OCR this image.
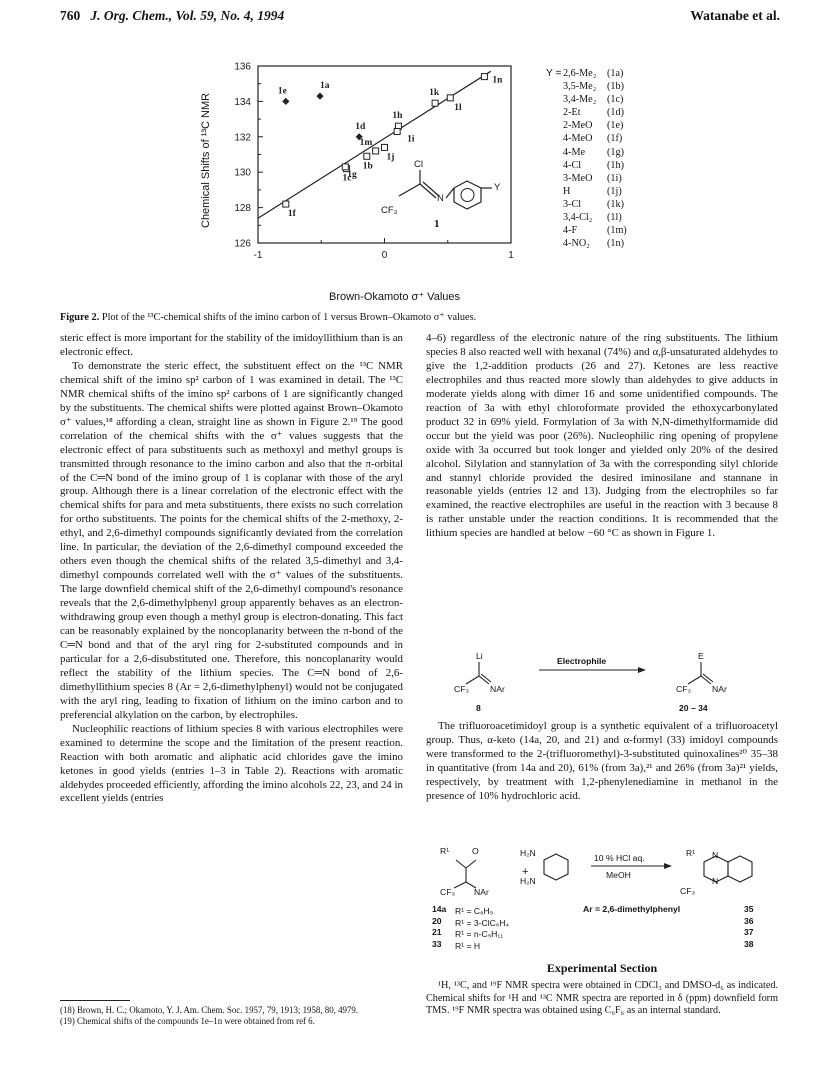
760 J. Org. Chem., Vol. 59, No. 4, 1994	Watanabe et al.
Chemical Shifts of ¹³C NMR
136
134
132
130
128
126
-1	0	1
1b
1c
1f
1g
1h
1i
1j
1k
1l
1m
1n
1a
1d
1e
Cl
CF₃
N
Y
1
Y = 2,6-Me₂ (1a)
3,5-Me₂ (1b)
3,4-Me₂ (1c)
2-Et	(1d)
2-MeO (1e)
4-MeO (1f)
4-Me (1g)
4-Cl	(1h)
3-MeO (1i)
H	(1j)
3-Cl	(1k)
3,4-Cl₂ (1l)
4-F	(1m)
4-NO₂ (1n)
Brown-Okamoto σ⁺ Values
Figure 2. Plot of the ¹³C-chemical shifts of the imino carbon of 1 versus Brown–Okamoto σ⁺ values.

steric effect is more important for the stability of the imidoyllithium than is an electronic effect.

To demonstrate the steric effect, the substituent effect on the ¹³C NMR chemical shift of the imino sp² carbon of 1 was examined in detail. The ¹³C NMR chemical shifts of the imino sp² carbons of 1 are significantly changed by the substituents. The chemical shifts were plotted against Brown–Okamoto σ⁺ values,¹⁸ affording a clean, straight line as shown in Figure 2.¹⁹ The good correlation of the chemical shifts with the σ⁺ values suggests that the electronic effect of para substituents such as methoxyl and methyl groups is transmitted through resonance to the imino carbon and also that the π-orbital of the C═N bond of the imino group of 1 is coplanar with those of the aryl group. Although there is a linear correlation of the electronic effect with the chemical shifts for para and meta substituents, there exists no such correlation for ortho substituents. The points for the chemical shifts of the 2-methoxy, 2-ethyl, and 2,6-dimethyl compounds significantly deviated from the correlation line. In particular, the deviation of the 2,6-dimethyl compound exceeded the others even though the chemical shifts of the related 3,5-dimethyl and 3,4-dimethyl compounds correlated well with the σ⁺ values of the substituents. The large downfield chemical shift of the 2,6-dimethyl compound's resonance reveals that the 2,6-dimethylphenyl group apparently behaves as an electron-withdrawing group even though a methyl group is electron-donating. This fact can be reasonably explained by the noncoplanarity between the π-bond of the C═N bond and that of the aryl ring for 2-substituted compounds and in particular for a 2,6-disubstituted one. Therefore, this noncoplanarity would reflect the stability of the lithium species. The C═N bond of 2,6-dimethyllithium species 8 (Ar = 2,6-dimethylphenyl) would not be conjugated with the aryl ring, leading to fixation of lithium on the imino carbon and to preferencial alkylation on the carbon, by electrophiles.

Nucleophilic reactions of lithium species 8 with various electrophiles were examined to determine the scope and the limitation of the present reaction. Reaction with both aromatic and aliphatic acid chlorides gave the imino ketones in good yields (entries 1–3 in Table 2). Reactions with aromatic aldehydes proceeded efficiently, affording the imino alcohols 22, 23, and 24 in excellent yields (entries

(18) Brown, H. C.; Okamoto, Y. J. Am. Chem. Soc. 1957, 79, 1913; 1958, 80, 4979.
(19) Chemical shifts of the compounds 1e–1n were obtained from ref 6.

4–6) regardless of the electronic nature of the ring substituents. The lithium species 8 also reacted well with hexanal (74%) and α,β-unsaturated aldehydes to give the 1,2-addition products (26 and 27). Ketones are less reactive electrophiles and thus reacted more slowly than aldehydes to give adducts in moderate yields along with dimer 16 and some unidentified compounds. The reaction of 3a with ethyl chloroformate provided the ethoxycarbonylated product 32 in 69% yield. Formylation of 3a with N,N-dimethylformamide did occur but the yield was poor (26%). Nucleophilic ring opening of propylene oxide with 3a occurred but took longer and yielded only 20% of the desired alcohol. Silylation and stannylation of 3a with the corresponding silyl chloride and stannyl chloride provided the desired iminosilane and stannane in reasonable yields (entries 12 and 13). Judging from the electrophiles so far examined, the reactive electrophiles are useful in the reaction with 3 because 8 is rather unstable under the reaction conditions. It is recommended that the lithium species are handled at below −60 °C as shown in Figure 1.

Li
CF₃ NAr
Electrophile	E
CF₃ NAr
8	20 – 34

The trifluoroacetimidoyl group is a synthetic equivalent of a trifluoroacetyl group. Thus, α-keto (14a, 20, and 21) and α-formyl (33) imidoyl compounds were transformed to the 2-(trifluoromethyl)-3-substituted quinoxalines²⁰ 35–38 in quantitative (from 14a and 20), 61% (from 3a),²¹ and 26% (from 3a)²¹ yields, respectively, by treatment with 1,2-phenylenediamine in methanol in the presence of 10% hydrochloric acid.

R¹	O
CF₃ NAr
+
H₂N
H₂N
10 % HCl aq.
MeOH
R¹ N
N
CF₃
14a
20
21
33
R¹ = C₆H₅
R¹ = 3-ClC₆H₄
R¹ = n-C₅H₁₁
R¹ = H
Ar = 2,6-dimethylphenyl	35
36
37
38
Experimental Section

¹H, ¹³C, and ¹⁹F NMR spectra were obtained in CDCl₃ and DMSO-d₆ as indicated. Chemical shifts for ¹H and ¹³C NMR spectra are reported in δ (ppm) downfield form TMS. ¹⁹F NMR spectra was obtained using C₆F₆ as an internal standard.
